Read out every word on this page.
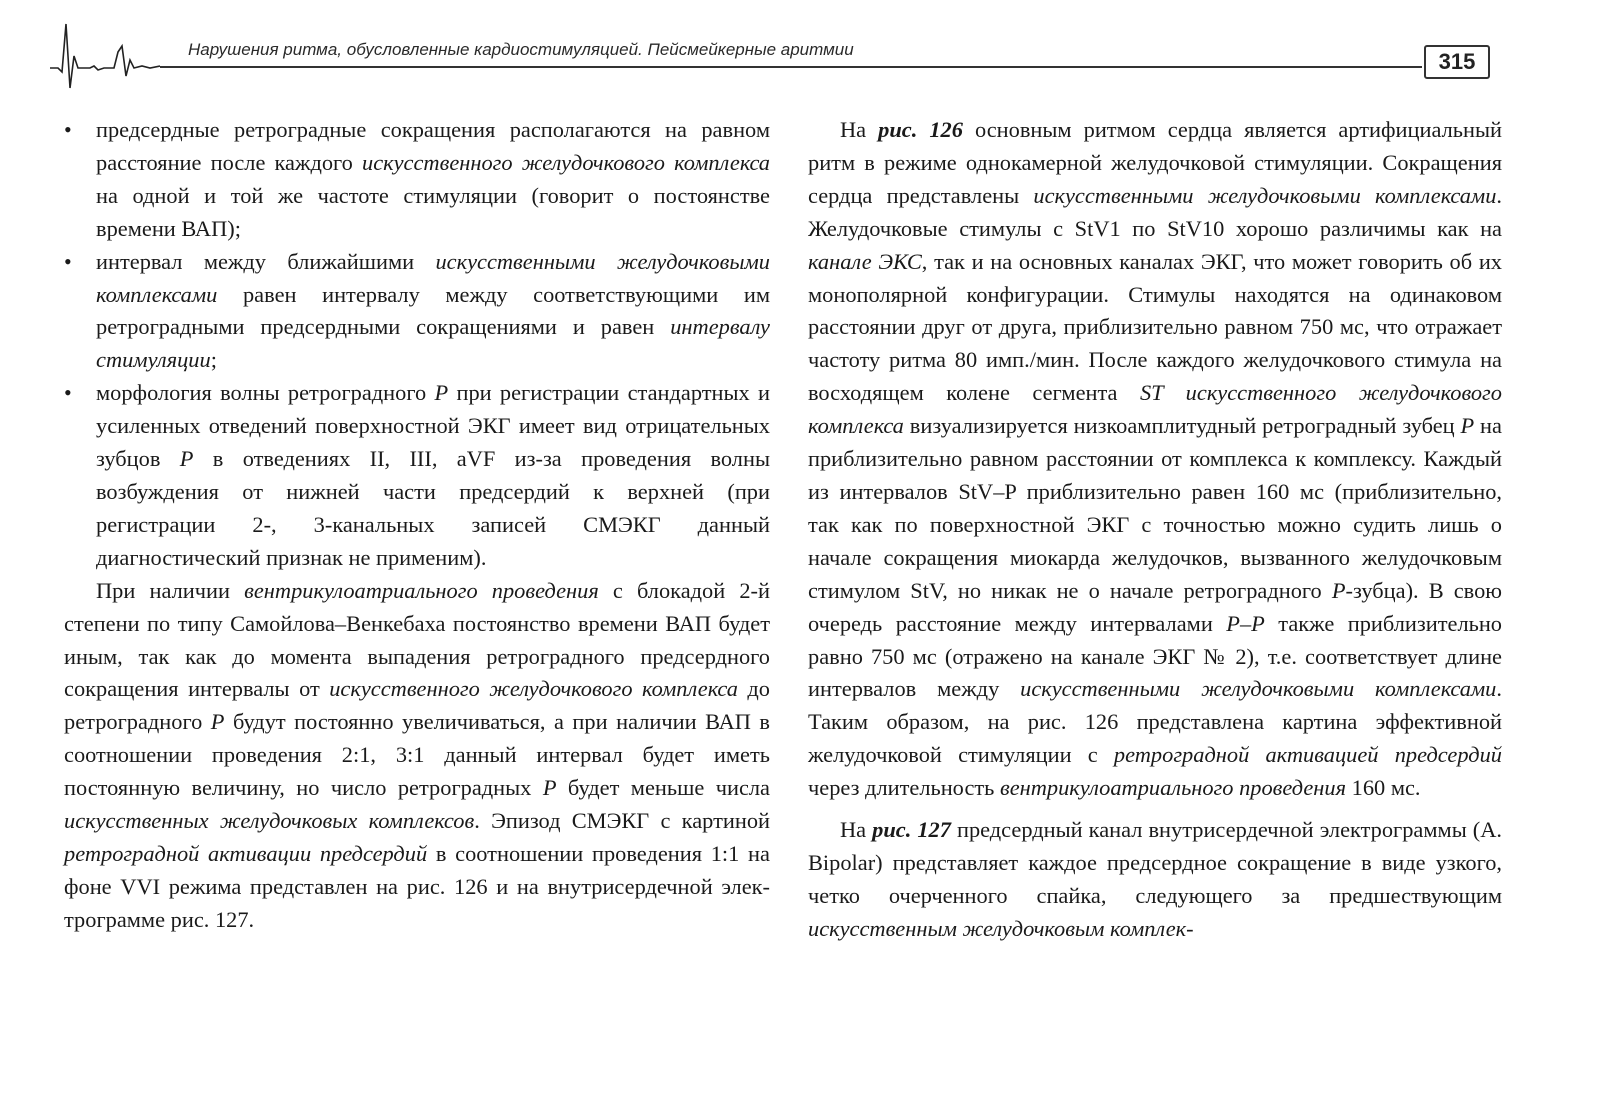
Нарушения ритма, обусловленные кардиостимуляцией. Пейсмейкерные аритмии	315
• предсердные ретроградные сокращения располагаются на равном расстояние после каждого искусственного желудочкового комплекса на одной и той же частоте стимуляции (говорит о постоянстве времени ВАП);
• интервал между ближайшими искусственными желудочковыми комплексами равен интервалу между соответствующими им ретроградными предсердными сокращениями и равен интервалу стимуляции;
• морфология волны ретроградного P при регистрации стандартных и усиленных отведений поверхностной ЭКГ имеет вид отрицательных зубцов P в отведениях II, III, aVF из-за проведения волны возбуждения от нижней части предсердий к верхней (при регистрации 2-, 3-канальных записей СМЭКГ данный диагностический признак не применим).

При наличии вентрикулоатриального проведения с блокадой 2-й степени по типу Самойлова–Венкебаха постоянство времени ВАП будет иным, так как до момента выпадения ретроградного предсердного сокращения интервалы от искусственного желудочкового комплекса до ретроградного P будут постоянно увеличиваться, а при наличии ВАП в соотношении проведения 2:1, 3:1 данный интервал будет иметь постоянную величину, но число ретроградных P будет меньше числа искусственных желудочковых комплексов. Эпизод СМЭКГ с картиной ретроградной активации предсердий в соотношении проведения 1:1 на фоне VVI режима представлен на рис. 126 и на внутрисердечной электрограмме рис. 127.

На рис. 126 основным ритмом сердца является артифициальный ритм в режиме однокамерной желудочковой стимуляции. Сокращения сердца представлены искусственными желудочковыми комплексами. Желудочковые стимулы с StV1 по StV10 хорошо различимы как на канале ЭКС, так и на основных каналах ЭКГ, что может говорить об их монополярной конфигурации. Стимулы находятся на одинаковом расстоянии друг от друга, приблизительно равном 750 мс, что отражает частоту ритма 80 имп./мин. После каждого желудочкового стимула на восходящем колене сегмента ST искусственного желудочкового комплекса визуализируется низкоамплитудный ретроградный зубец P на приблизительно равном расстоянии от комплекса к комплексу. Каждый из интервалов StV–P приблизительно равен 160 мс (приблизительно, так как по поверхностной ЭКГ с точностью можно судить лишь о начале сокращения миокарда желудочков, вызванного желудочковым стимулом StV, но никак не о начале ретроградного P-зубца). В свою очередь расстояние между интервалами P–P также приблизительно равно 750 мс (отражено на канале ЭКГ № 2), т.е. соответствует длине интервалов между искусственными желудочковыми комплексами. Таким образом, на рис. 126 представлена картина эффективной желудочковой стимуляции с ретроградной активацией предсердий через длительность вентрикулоатриального проведения 160 мс.

На рис. 127 предсердный канал внутрисердечной электрограммы (A. Bipolar) представляет каждое предсердное сокращение в виде узкого, четко очерченного спайка, следующего за предшествующим искусственным желудочковым комплек-
